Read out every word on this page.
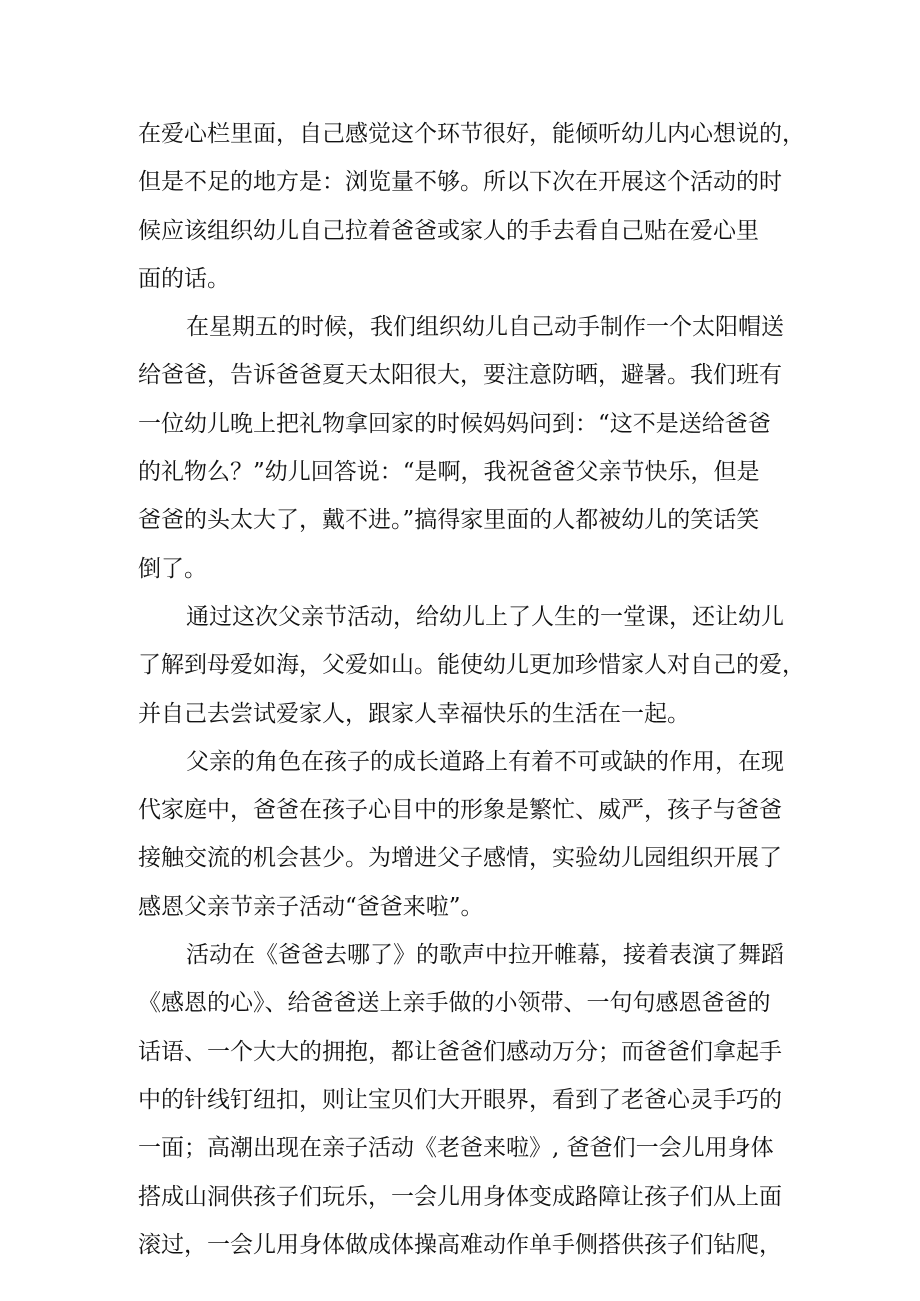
在爱心栏里面，自己感觉这个环节很好，能倾听幼儿内心想说的，
但是不足的地方是：浏览量不够。所以下次在开展这个活动的时
候应该组织幼儿自己拉着爸爸或家人的手去看自己贴在爱心里
面的话。
在星期五的时候，我们组织幼儿自己动手制作一个太阳帽送
给爸爸，告诉爸爸夏天太阳很大，要注意防晒，避暑。我们班有
一位幼儿晚上把礼物拿回家的时候妈妈问到：“这不是送给爸爸
的礼物么？”幼儿回答说：“是啊，我祝爸爸父亲节快乐，但是
爸爸的头太大了，戴不进。”搞得家里面的人都被幼儿的笑话笑
倒了。
通过这次父亲节活动，给幼儿上了人生的一堂课，还让幼儿
了解到母爱如海，父爱如山。能使幼儿更加珍惜家人对自己的爱，
并自己去尝试爱家人，跟家人幸福快乐的生活在一起。
父亲的角色在孩子的成长道路上有着不可或缺的作用，在现
代家庭中，爸爸在孩子心目中的形象是繁忙、威严，孩子与爸爸
接触交流的机会甚少。为增进父子感情，实验幼儿园组织开展了
感恩父亲节亲子活动“爸爸来啦”。
活动在《爸爸去哪了》的歌声中拉开帷幕，接着表演了舞蹈
《感恩的心》、给爸爸送上亲手做的小领带、一句句感恩爸爸的
话语、一个大大的拥抱，都让爸爸们感动万分；而爸爸们拿起手
中的针线钉纽扣，则让宝贝们大开眼界，看到了老爸心灵手巧的
一面；高潮出现在亲子活动《老爸来啦》, 爸爸们一会儿用身体
搭成山洞供孩子们玩乐，一会儿用身体变成路障让孩子们从上面
滚过，一会儿用身体做成体操高难动作单手侧搭供孩子们钻爬，
